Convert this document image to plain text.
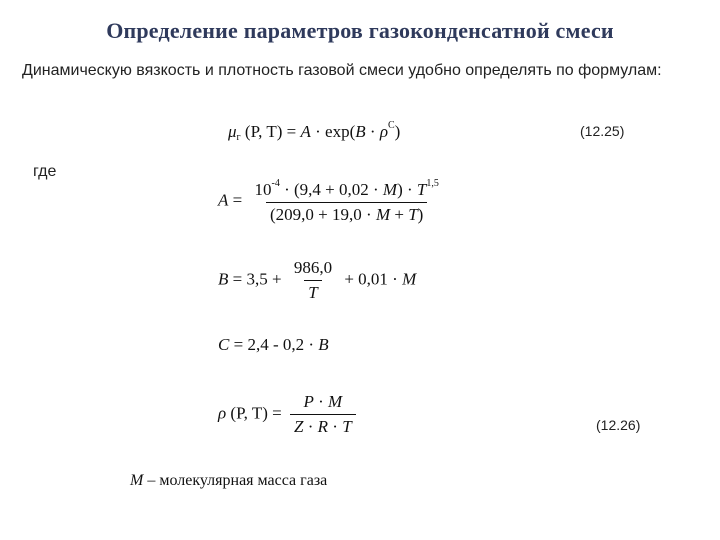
Определение параметров газоконденсатной смеси
Динамическую вязкость и плотность газовой смеси удобно определять по формулам:
$\mu_г$ (P, $T) = A \cdot \exp(B \cdot \rho^C)$	(12.25)
где
$A = \frac{10^{-4} \cdot (9,4 + 0,02 \cdot M) \cdot T^{1,5}}{(209,0 + 19,0 \cdot M + T)}$
$B = 3,5 + \frac{986,0}{T} + 0,01 \cdot M$
C = 2,4 - 0,2 · B
ρ (P, $T) = \frac{P \cdot M}{Z \cdot R \cdot T}$	(12.26)
M – молекулярная масса газа
